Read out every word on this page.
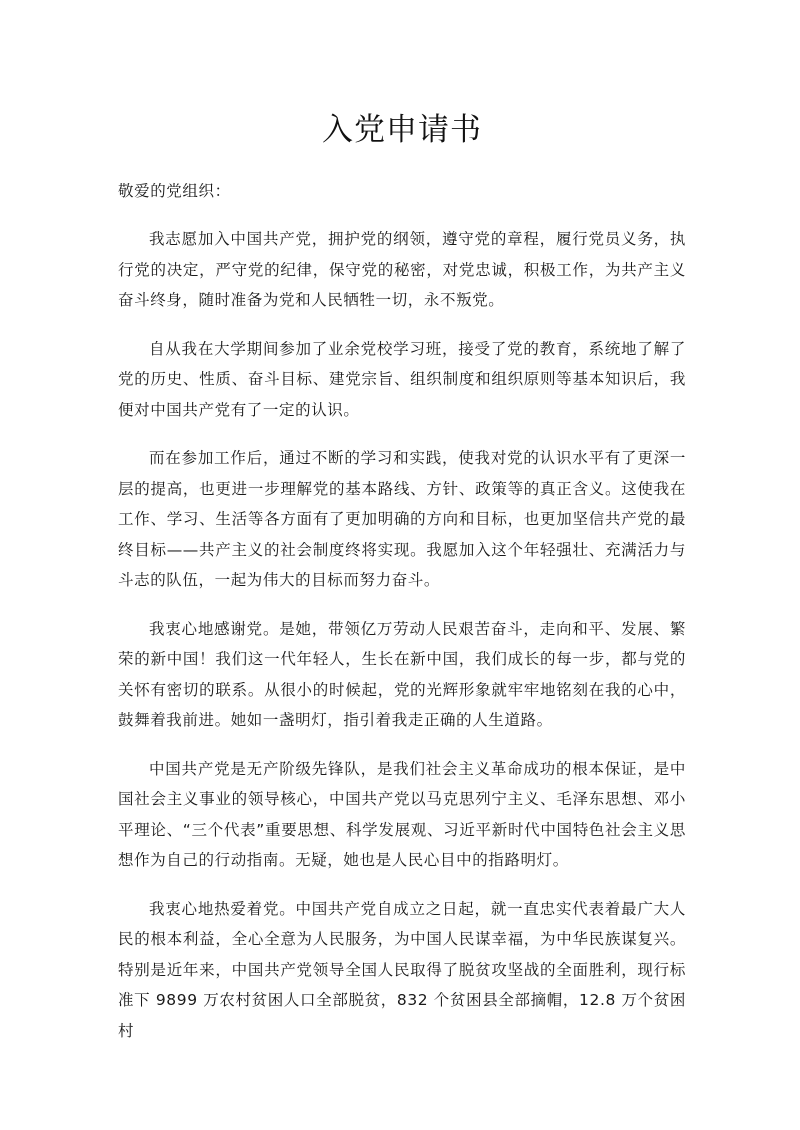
入党申请书

敬爱的党组织：

我志愿加入中国共产党，拥护党的纲领，遵守党的章程，履行党员义务，执行党的决定，严守党的纪律，保守党的秘密，对党忠诚，积极工作，为共产主义奋斗终身，随时准备为党和人民牺牲一切，永不叛党。

自从我在大学期间参加了业余党校学习班，接受了党的教育，系统地了解了党的历史、性质、奋斗目标、建党宗旨、组织制度和组织原则等基本知识后，我便对中国共产党有了一定的认识。

而在参加工作后，通过不断的学习和实践，使我对党的认识水平有了更深一层的提高，也更进一步理解党的基本路线、方针、政策等的真正含义。这使我在工作、学习、生活等各方面有了更加明确的方向和目标，也更加坚信共产党的最终目标——共产主义的社会制度终将实现。我愿加入这个年轻强壮、充满活力与斗志的队伍，一起为伟大的目标而努力奋斗。

我衷心地感谢党。是她，带领亿万劳动人民艰苦奋斗，走向和平、发展、繁荣的新中国！我们这一代年轻人，生长在新中国，我们成长的每一步，都与党的关怀有密切的联系。从很小的时候起，党的光辉形象就牢牢地铭刻在我的心中，鼓舞着我前进。她如一盏明灯，指引着我走正确的人生道路。

中国共产党是无产阶级先锋队，是我们社会主义革命成功的根本保证，是中国社会主义事业的领导核心，中国共产党以马克思列宁主义、毛泽东思想、邓小平理论、“三个代表”重要思想、科学发展观、习近平新时代中国特色社会主义思想作为自己的行动指南。无疑，她也是人民心目中的指路明灯。

我衷心地热爱着党。中国共产党自成立之日起，就一直忠实代表着最广大人民的根本利益，全心全意为人民服务，为中国人民谋幸福，为中华民族谋复兴。特别是近年来，中国共产党领导全国人民取得了脱贫攻坚战的全面胜利，现行标准下 9899 万农村贫困人口全部脱贫，832 个贫困县全部摘帽，12.8 万个贫困村
